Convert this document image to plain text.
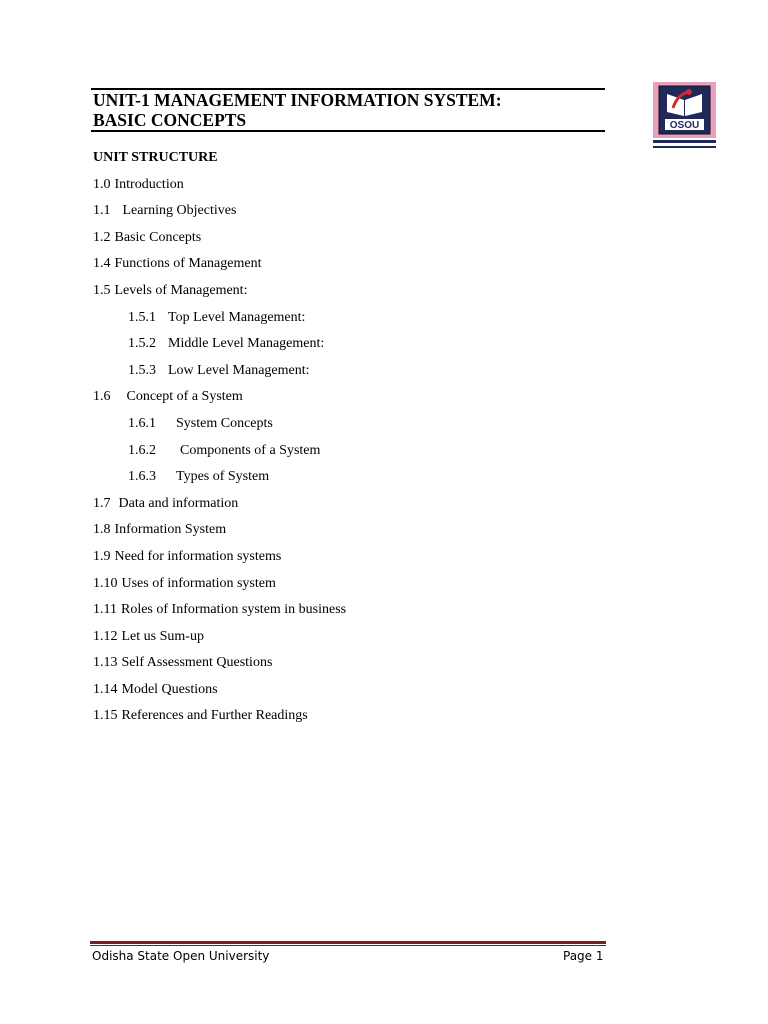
UNIT-1 MANAGEMENT INFORMATION SYSTEM:
BASIC CONCEPTS	OSOU
UNIT STRUCTURE
1.0 Introduction
1.1 Learning Objectives
1.2 Basic Concepts
1.4 Functions of Management
1.5 Levels of Management:
1.5.1 Top Level Management:
1.5.2 Middle Level Management:
1.5.3 Low Level Management:
1.6 Concept of a System
1.6.1 System Concepts
1.6.2 Components of a System
1.6.3 Types of System
1.7 Data and information
1.8 Information System
1.9 Need for information systems
1.10 Uses of information system
1.11 Roles of Information system in business
1.12 Let us Sum-up
1.13 Self Assessment Questions
1.14 Model Questions
1.15 References and Further Readings
Odisha State Open University	Page 1
